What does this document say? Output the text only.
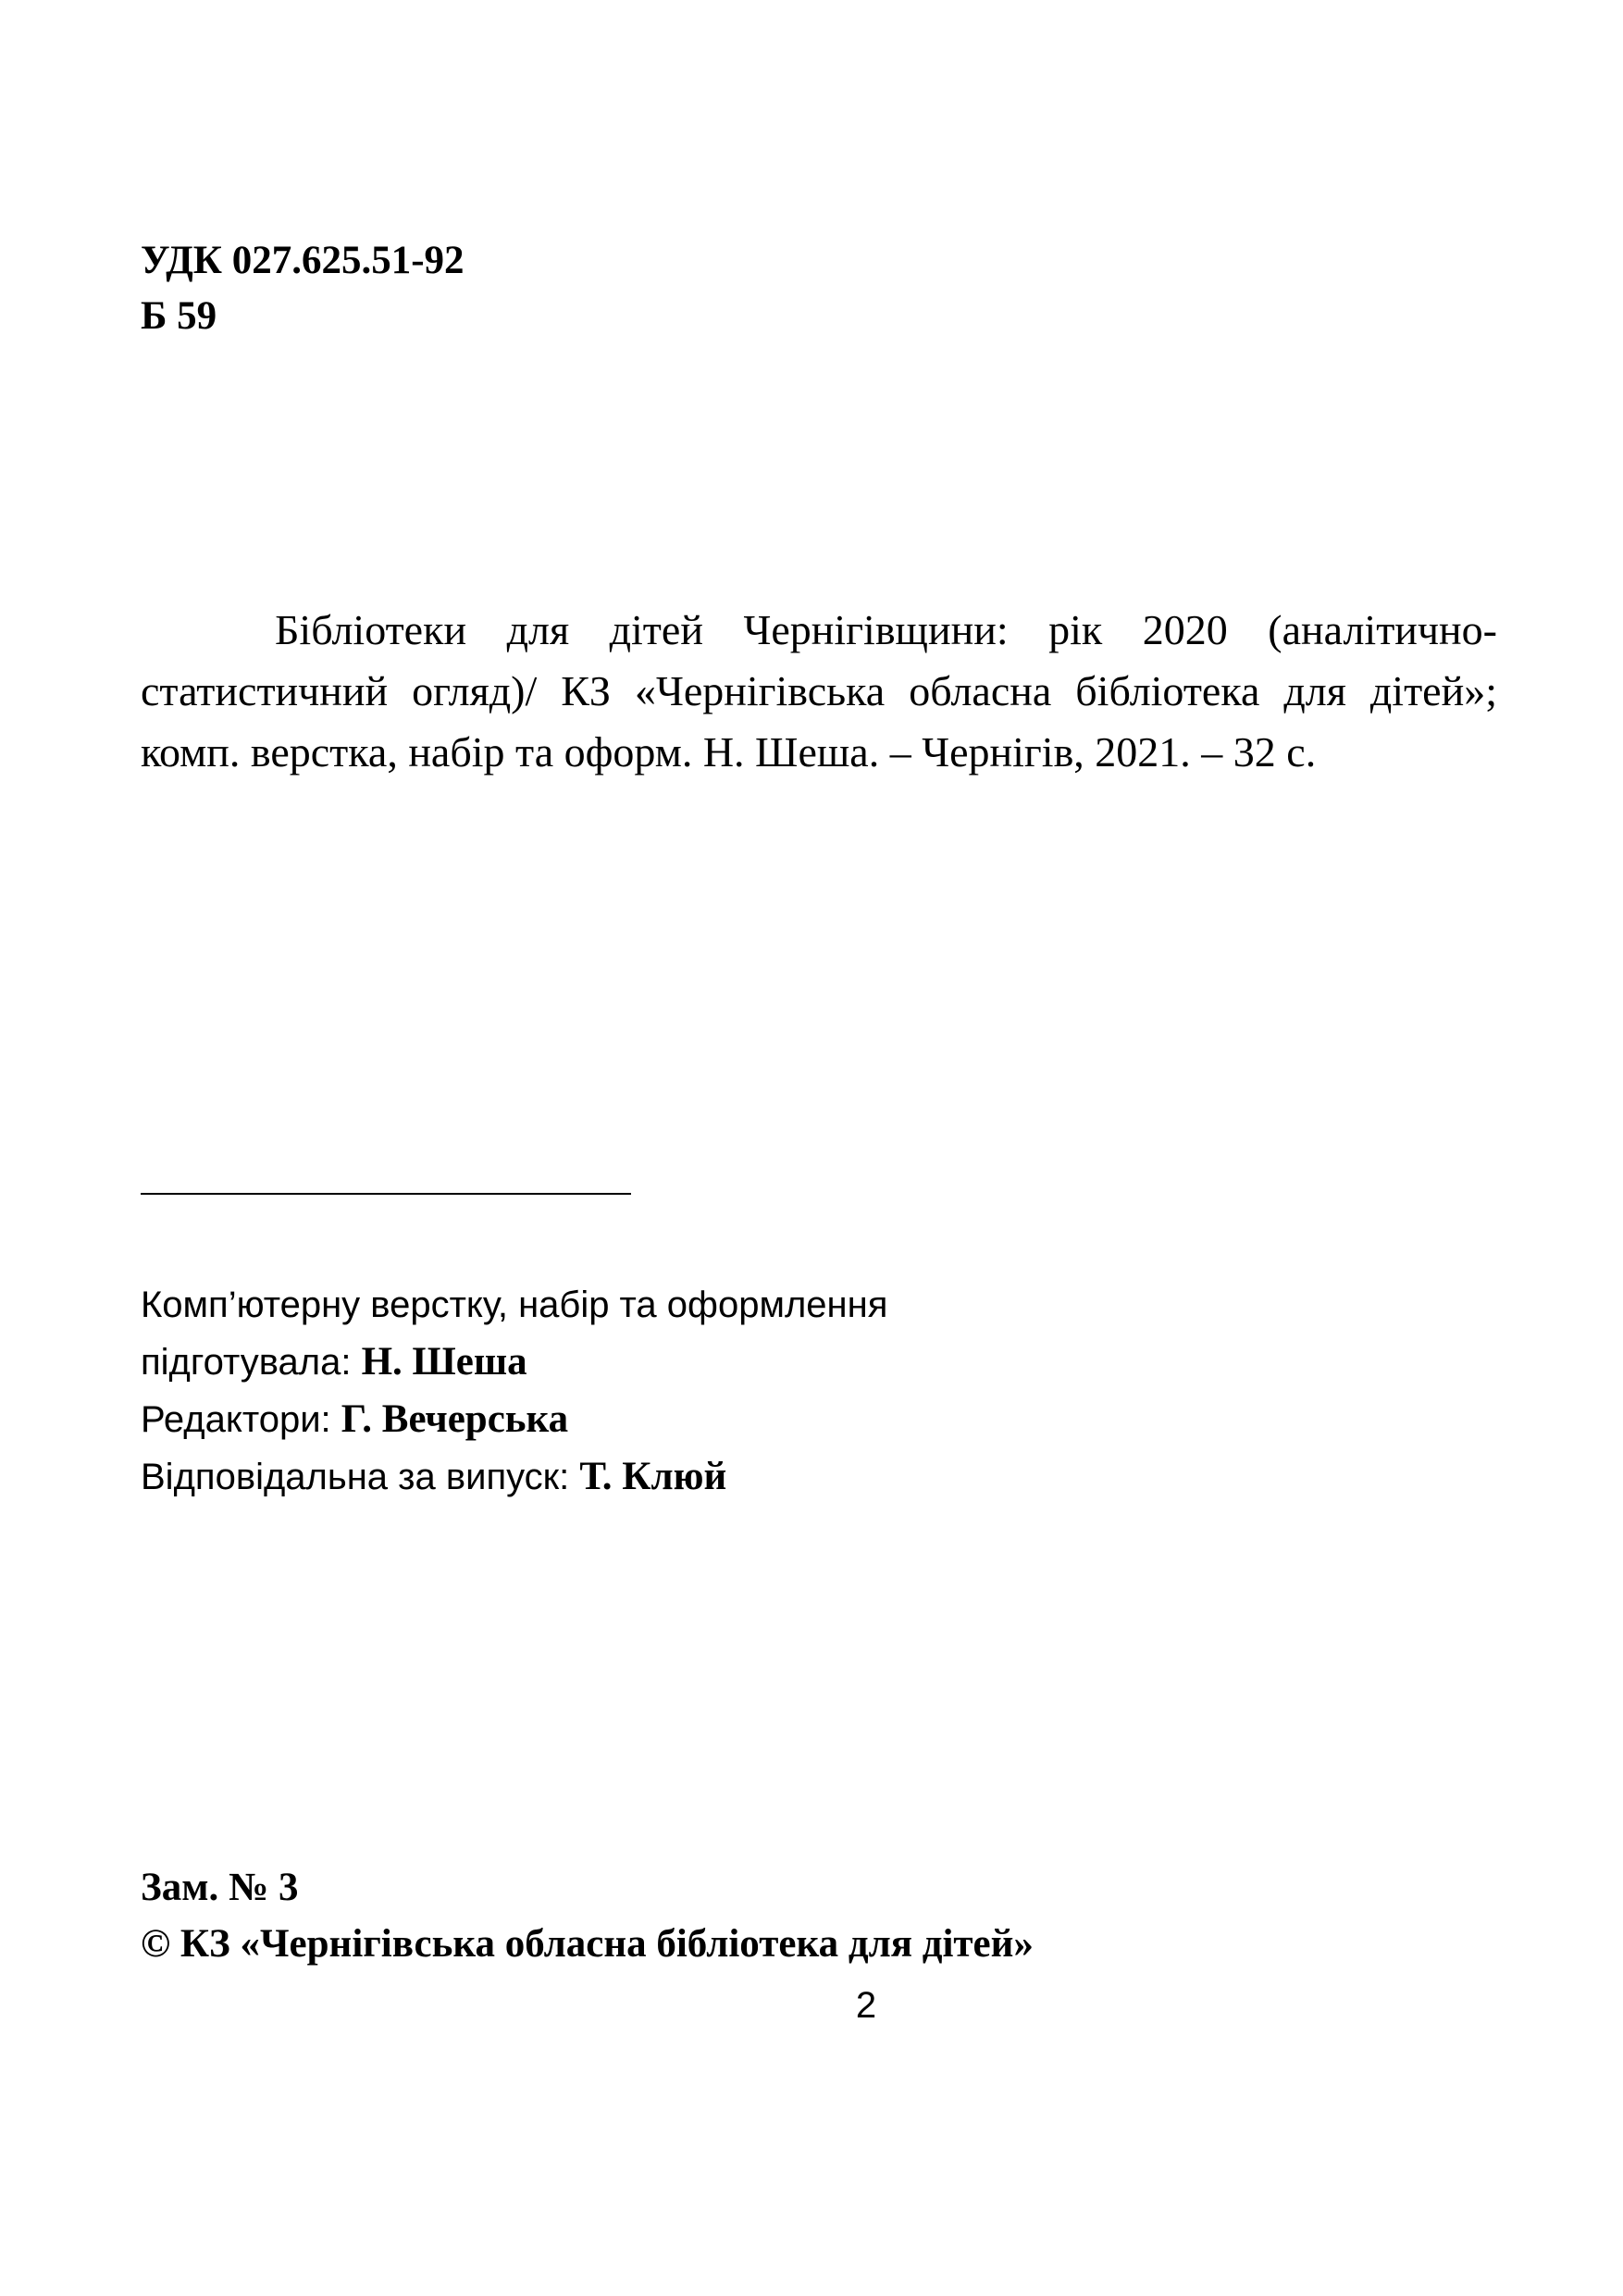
УДК 027.625.51-92
Б 59

Бібліотеки для дітей Чернігівщини: рік 2020 (аналітично-статистичний огляд)/ КЗ «Чернігівська обласна бібліотека для дітей»; комп. верстка, набір та оформ. Н. Шеша. – Чернігів, 2021. – 32 с.

Комп’ютерну верстку, набір та оформлення
підготувала: Н. Шеша
Редактори: Г. Вечерська
Відповідальна за випуск: Т. Клюй
Зам. № 3
© КЗ «Чернігівська обласна бібліотека для дітей»
2
